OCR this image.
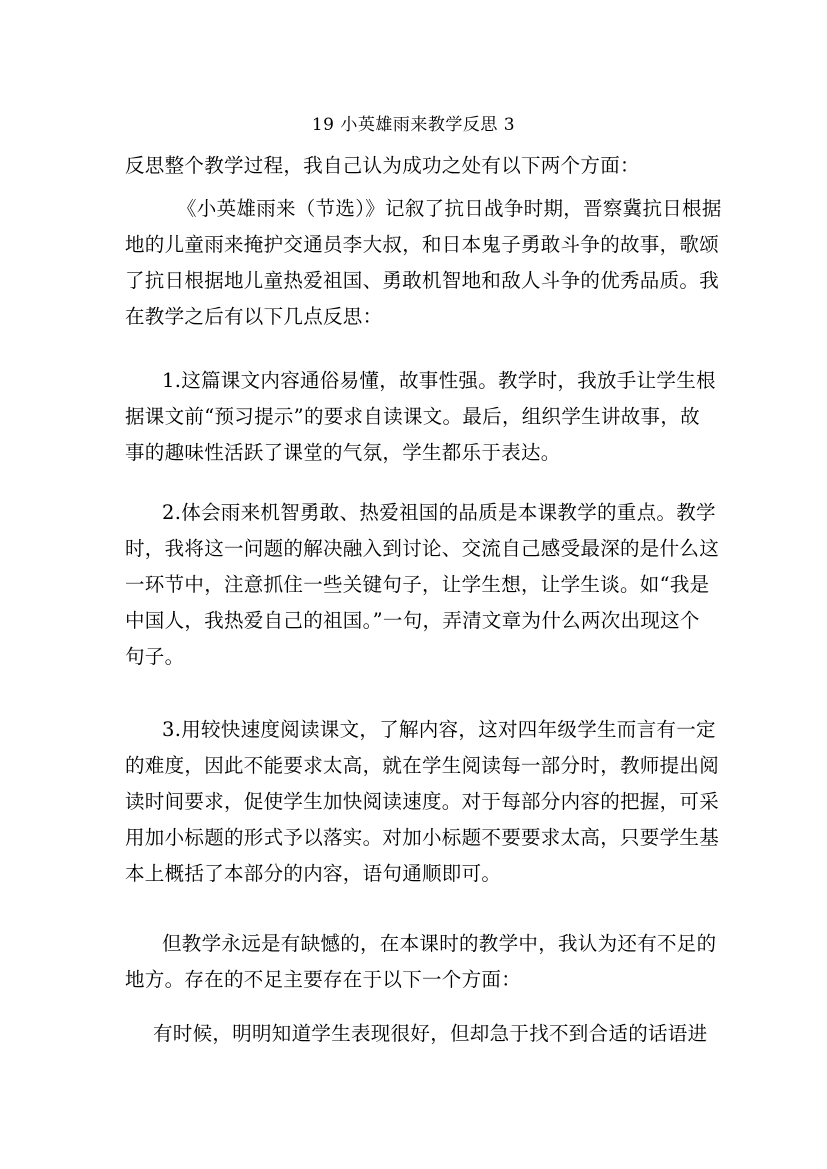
19 小英雄雨来教学反思 3
反思整个教学过程，我自己认为成功之处有以下两个方面：
《小英雄雨来（节选）》记叙了抗日战争时期，晋察冀抗日根据
地的儿童雨来掩护交通员李大叔，和日本鬼子勇敢斗争的故事，歌颂
了抗日根据地儿童热爱祖国、勇敢机智地和敌人斗争的优秀品质。我
在教学之后有以下几点反思：
1.这篇课文内容通俗易懂，故事性强。教学时，我放手让学生根
据课文前“预习提示”的要求自读课文。最后，组织学生讲故事，故
事的趣味性活跃了课堂的气氛，学生都乐于表达。
2.体会雨来机智勇敢、热爱祖国的品质是本课教学的重点。教学
时，我将这一问题的解决融入到讨论、交流自己感受最深的是什么这
一环节中，注意抓住一些关键句子，让学生想，让学生谈。如“我是
中国人，我热爱自己的祖国。”一句，弄清文章为什么两次出现这个
句子。
3.用较快速度阅读课文，了解内容，这对四年级学生而言有一定
的难度，因此不能要求太高，就在学生阅读每一部分时，教师提出阅
读时间要求，促使学生加快阅读速度。对于每部分内容的把握，可采
用加小标题的形式予以落实。对加小标题不要要求太高，只要学生基
本上概括了本部分的内容，语句通顺即可。
但教学永远是有缺憾的，在本课时的教学中，我认为还有不足的
地方。存在的不足主要存在于以下一个方面：
有时候，明明知道学生表现很好，但却急于找不到合适的话语进
